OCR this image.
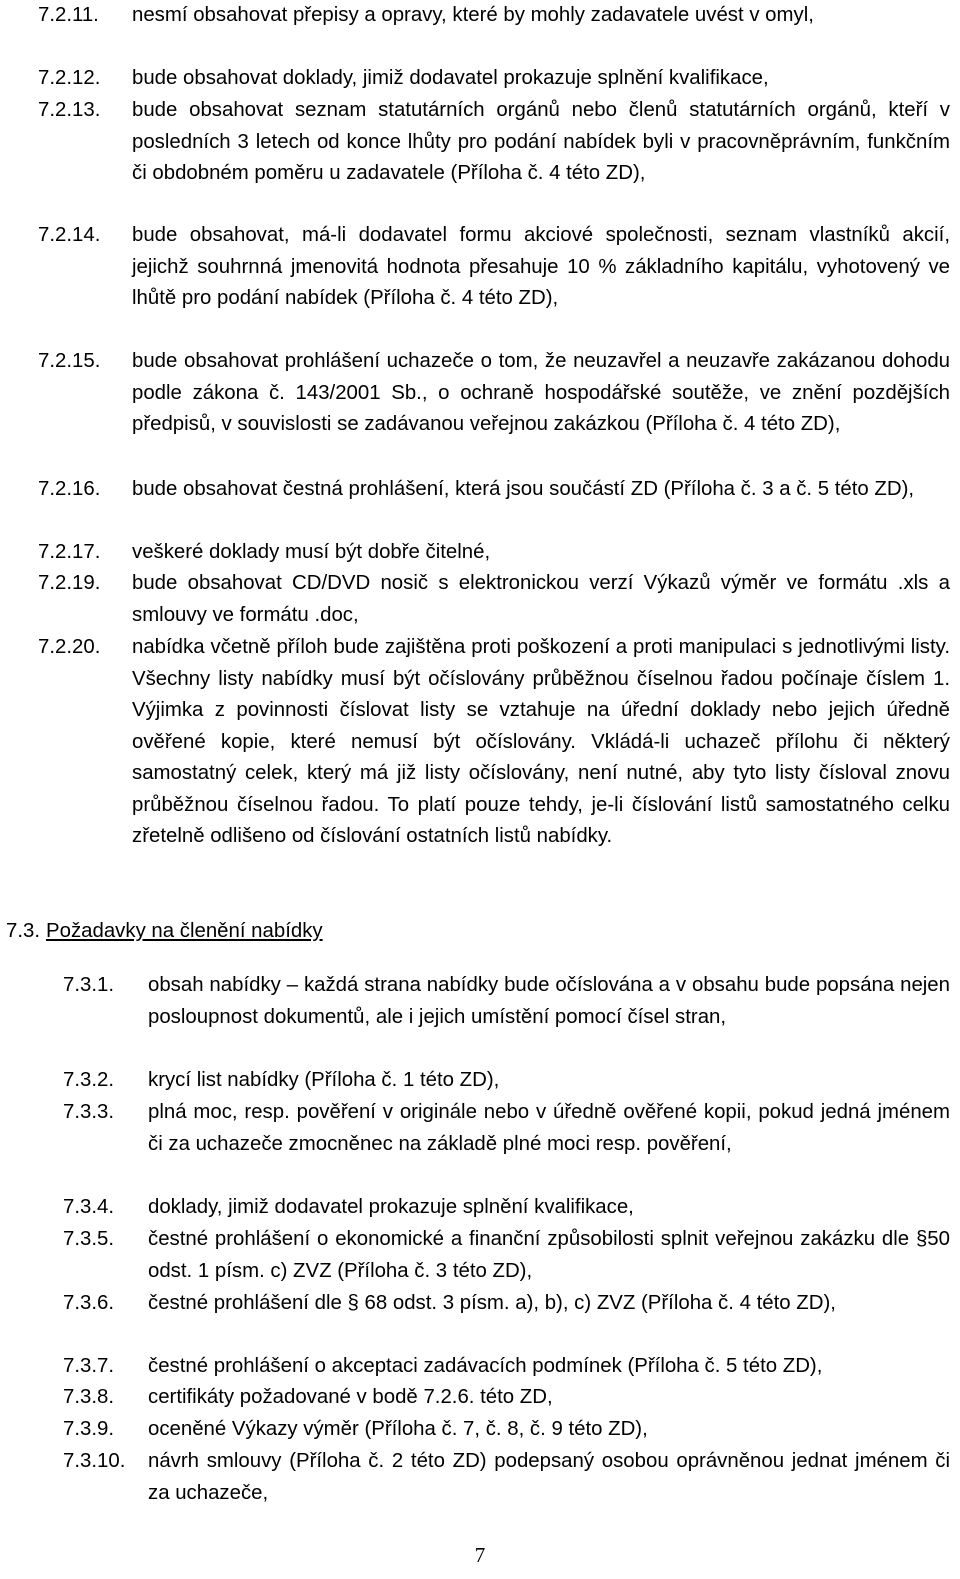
7.2.11. nesmí obsahovat přepisy a opravy, které by mohly zadavatele uvést v omyl,
7.2.12. bude obsahovat doklady, jimiž dodavatel prokazuje splnění kvalifikace,
7.2.13. bude obsahovat seznam statutárních orgánů nebo členů statutárních orgánů, kteří v posledních 3 letech od konce lhůty pro podání nabídek byli v pracovněprávním, funkčním či obdobném poměru u zadavatele (Příloha č. 4 této ZD),
7.2.14. bude obsahovat, má-li dodavatel formu akciové společnosti, seznam vlastníků akcií, jejichž souhrnná jmenovitá hodnota přesahuje 10 % základního kapitálu, vyhotovený ve lhůtě pro podání nabídek (Příloha č. 4 této ZD),
7.2.15. bude obsahovat prohlášení uchazeče o tom, že neuzavřel a neuzavře zakázanou dohodu podle zákona č. 143/2001 Sb., o ochraně hospodářské soutěže, ve znění pozdějších předpisů, v souvislosti se zadávanou veřejnou zakázkou (Příloha č. 4 této ZD),
7.2.16. bude obsahovat čestná prohlášení, která jsou součástí ZD (Příloha č. 3 a č. 5 této ZD),
7.2.17. veškeré doklady musí být dobře čitelné,
7.2.19. bude obsahovat CD/DVD nosič s elektronickou verzí Výkazů výměr ve formátu .xls a smlouvy ve formátu .doc,
7.2.20. nabídka včetně příloh bude zajištěna proti poškození a proti manipulaci s jednotlivými listy. Všechny listy nabídky musí být očíslovány průběžnou číselnou řadou počínaje číslem 1. Výjimka z povinnosti číslovat listy se vztahuje na úřední doklady nebo jejich úředně ověřené kopie, které nemusí být očíslovány. Vkládá-li uchazeč přílohu či některý samostatný celek, který má již listy očíslovány, není nutné, aby tyto listy čísloval znovu průběžnou číselnou řadou. To platí pouze tehdy, je-li číslování listů samostatného celku zřetelně odlišeno od číslování ostatních listů nabídky.
7.3. Požadavky na členění nabídky
7.3.1. obsah nabídky – každá strana nabídky bude očíslována a v obsahu bude popsána nejen posloupnost dokumentů, ale i jejich umístění pomocí čísel stran,
7.3.2. krycí list nabídky (Příloha č. 1 této ZD),
7.3.3. plná moc, resp. pověření v originále nebo v úředně ověřené kopii, pokud jedná jménem či za uchazeče zmocněnec na základě plné moci resp. pověření,
7.3.4. doklady, jimiž dodavatel prokazuje splnění kvalifikace,
7.3.5. čestné prohlášení o ekonomické a finanční způsobilosti splnit veřejnou zakázku dle §50 odst. 1 písm. c) ZVZ (Příloha č. 3 této ZD),
7.3.6. čestné prohlášení dle § 68 odst. 3 písm. a), b), c) ZVZ (Příloha č. 4 této ZD),
7.3.7. čestné prohlášení o akceptaci zadávacích podmínek (Příloha č. 5 této ZD),
7.3.8. certifikáty požadované v bodě 7.2.6. této ZD,
7.3.9. oceněné Výkazy výměr (Příloha č. 7, č. 8, č. 9 této ZD),
7.3.10. návrh smlouvy (Příloha č. 2 této ZD) podepsaný osobou oprávněnou jednat jménem či za uchazeče,
7
